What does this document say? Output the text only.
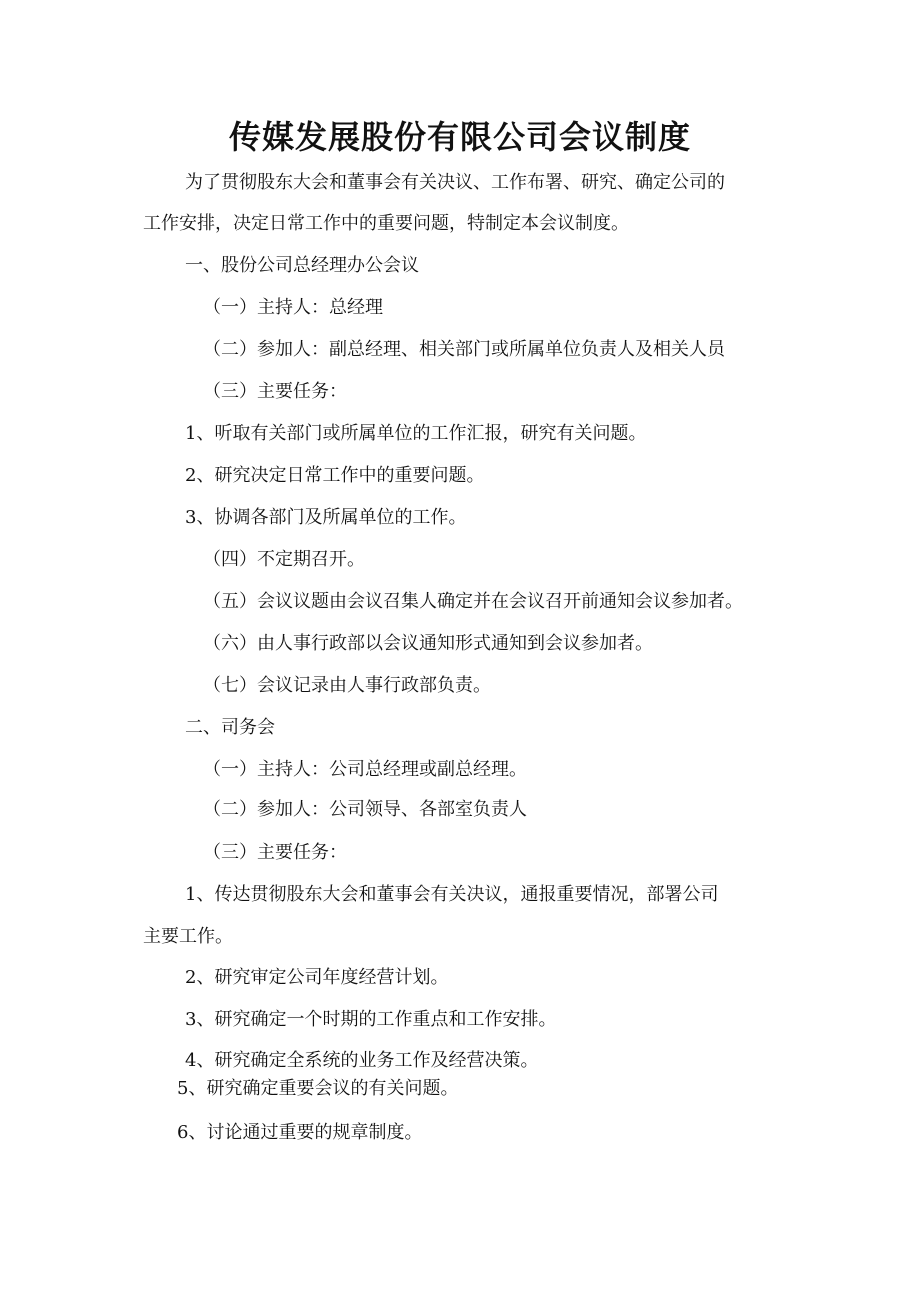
传媒发展股份有限公司会议制度

为了贯彻股东大会和董事会有关决议、工作布署、研究、确定公司的

工作安排，决定日常工作中的重要问题，特制定本会议制度。

一、股份公司总经理办公会议

（一）主持人：总经理

（二）参加人：副总经理、相关部门或所属单位负责人及相关人员

（三）主要任务：

1、听取有关部门或所属单位的工作汇报，研究有关问题。

2、研究决定日常工作中的重要问题。

3、协调各部门及所属单位的工作。

（四）不定期召开。

（五）会议议题由会议召集人确定并在会议召开前通知会议参加者。

（六）由人事行政部以会议通知形式通知到会议参加者。

（七）会议记录由人事行政部负责。

二、司务会

（一）主持人：公司总经理或副总经理。

（二）参加人：公司领导、各部室负责人

（三）主要任务：

1、传达贯彻股东大会和董事会有关决议，通报重要情况，部署公司

主要工作。

2、研究审定公司年度经营计划。

3、研究确定一个时期的工作重点和工作安排。

4、研究确定全系统的业务工作及经营决策。

5、研究确定重要会议的有关问题。

6、讨论通过重要的规章制度。
